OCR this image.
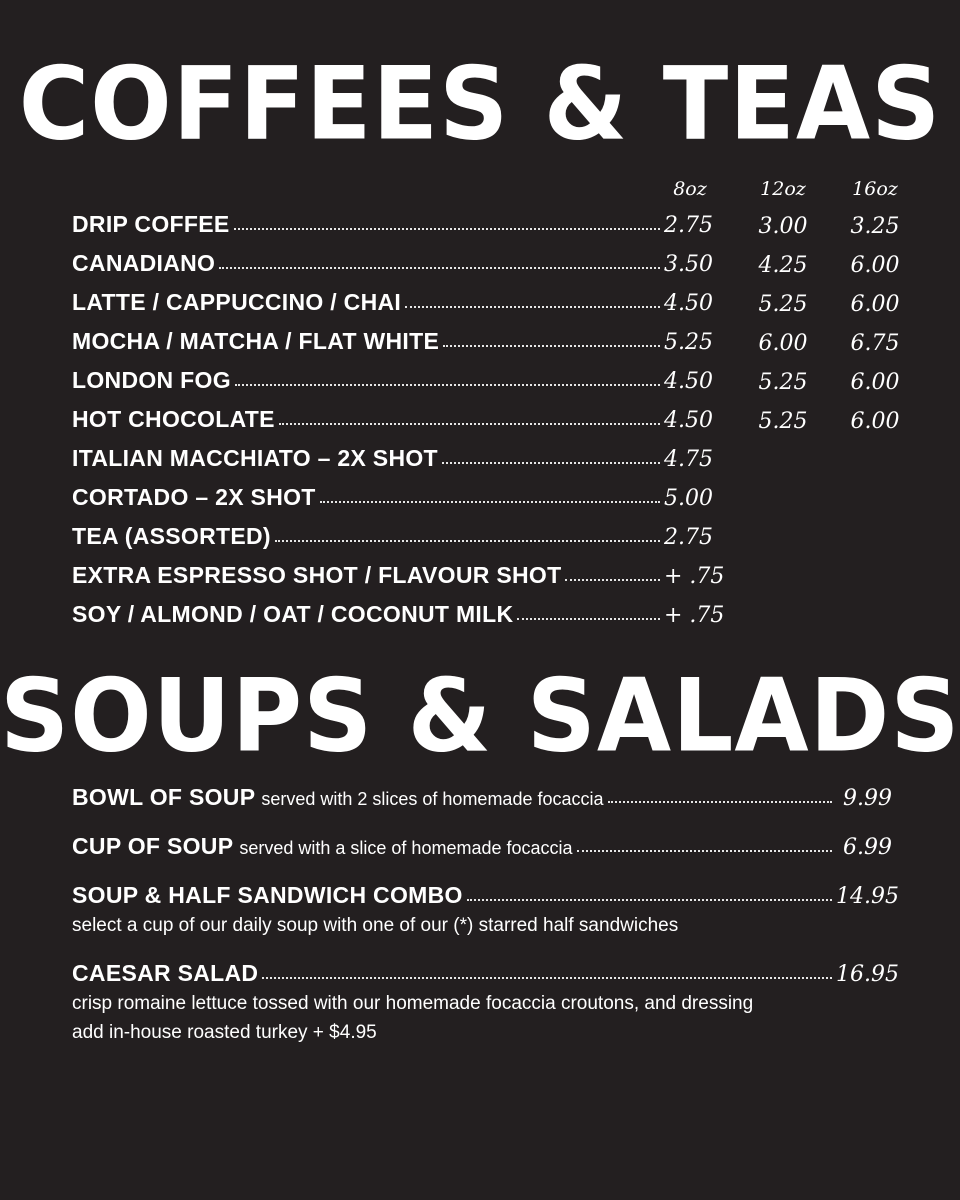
COFFEES & TEAS
8oz	12oz	16oz
DRIP COFFEE	2.75 3.00 3.25
CANADIANO	3.50 4.25 6.00
LATTE / CAPPUCCINO / CHAI	4.50 5.25 6.00
MOCHA / MATCHA / FLAT WHITE	5.25 6.00 6.75
LONDON FOG	4.50 5.25 6.00
HOT CHOCOLATE	4.50 5.25 6.00
ITALIAN MACCHIATO – 2X SHOT	4.75
CORTADO – 2X SHOT	5.00
TEA (ASSORTED)	2.75
EXTRA ESPRESSO SHOT / FLAVOUR SHOT	+ .75
SOY / ALMOND / OAT / COCONUT MILK	+ .75
SOUPS & SALADS
BOWL OF SOUP served with 2 slices of homemade focaccia	9.99
CUP OF SOUP served with a slice of homemade focaccia	6.99
SOUP & HALF SANDWICH COMBO	14.95
select a cup of our daily soup with one of our (*) starred half sandwiches
CAESAR SALAD	16.95
crisp romaine lettuce tossed with our homemade focaccia croutons, and dressing
add in-house roasted turkey + $4.95
